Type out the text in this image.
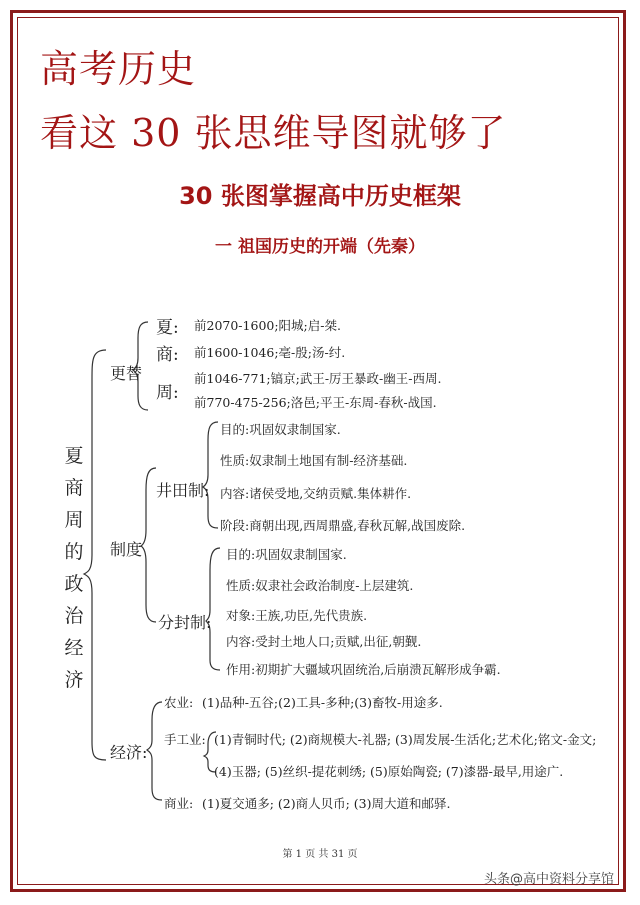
高考历史
看这 30 张思维导图就够了
30 张图掌握高中历史框架
一 祖国历史的开端（先秦）
夏商周的政治经济
更替
夏: 前2070-1600;阳城;启-桀.
商: 前1600-1046;亳-殷;汤-纣.
周:
前1046-771;镐京;武王-厉王暴政-幽王-西周.
前770-475-256;洛邑;平王-东周-春秋-战国.
制度
井田制:
目的:巩固奴隶制国家.
性质:奴隶制土地国有制-经济基础.
内容:诸侯受地,交纳贡赋.集体耕作.
阶段:商朝出现,西周鼎盛,春秋瓦解,战国废除.
分封制:
目的:巩固奴隶制国家.
性质:奴隶社会政治制度-上层建筑.
对象:王族,功臣,先代贵族.
内容:受封土地人口;贡赋,出征,朝觐.
作用:初期扩大疆域巩固统治,后崩溃瓦解形成争霸.
经济:
农业: (1)品种-五谷;(2)工具-多种;(3)畜牧-用途多.
手工业: (1)青铜时代; (2)商规模大-礼器; (3)周发展-生活化;艺术化;铭文-金文;
(4)玉器; (5)丝织-提花刺绣; (5)原始陶瓷; (7)漆器-最早,用途广.
商业: (1)夏交通多; (2)商人贝币; (3)周大道和邮驿.
第 1 页 共 31 页
头条@高中资料分享馆
